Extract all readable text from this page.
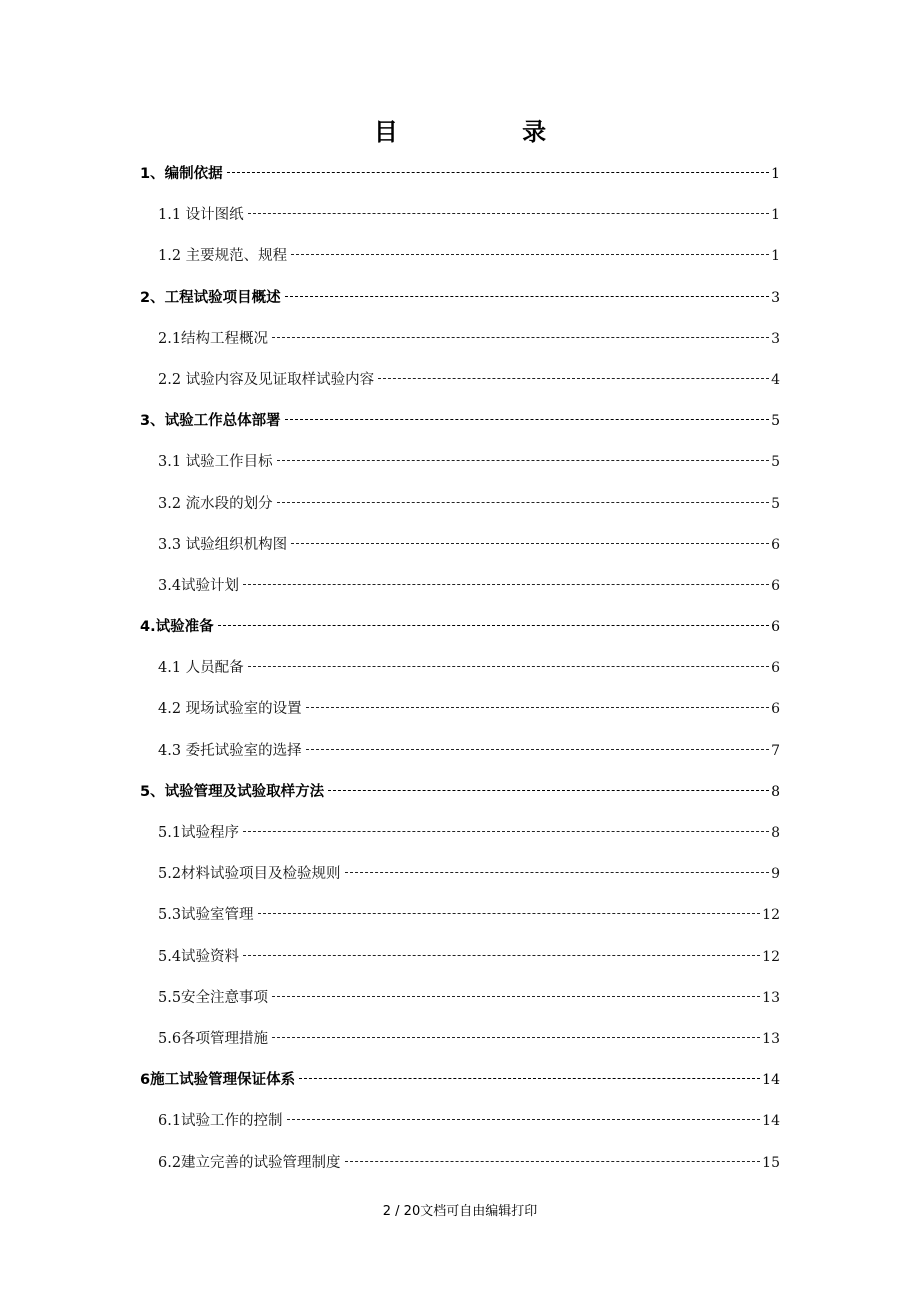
目 录
1、编制依据	1
1.1 设计图纸	1
1.2 主要规范、规程	1
2、工程试验项目概述	3
2.1结构工程概况	3
2.2 试验内容及见证取样试验内容	4
3、试验工作总体部署	5
3.1 试验工作目标	5
3.2 流水段的划分	5
3.3 试验组织机构图	6
3.4试验计划	6
4.试验准备	6
4.1 人员配备	6
4.2 现场试验室的设置	6
4.3 委托试验室的选择	7
5、试验管理及试验取样方法	8
5.1试验程序	8
5.2材料试验项目及检验规则	9
5.3试验室管理	12
5.4试验资料	12
5.5安全注意事项	13
5.6各项管理措施	13
6施工试验管理保证体系	14
6.1试验工作的控制	14
6.2建立完善的试验管理制度	15
2 / 20文档可自由编辑打印
